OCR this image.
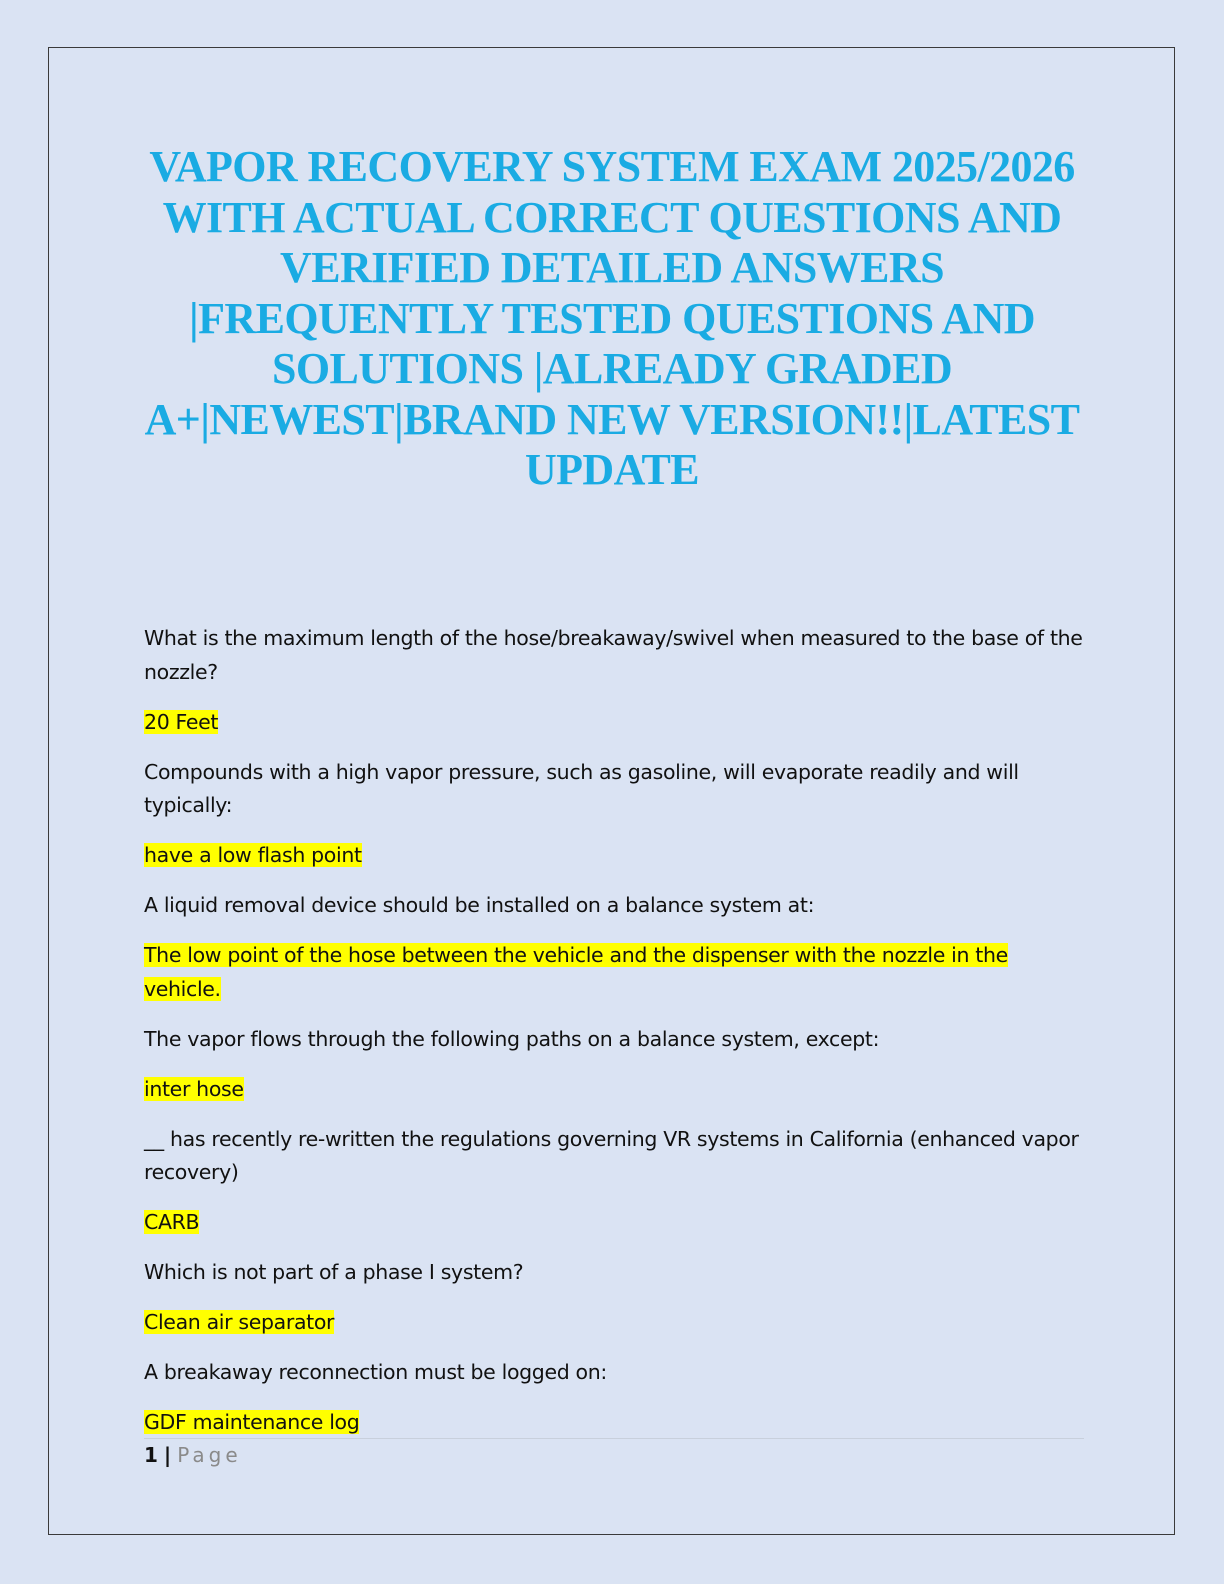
VAPOR RECOVERY SYSTEM EXAM 2025/2026 WITH ACTUAL CORRECT QUESTIONS AND VERIFIED DETAILED ANSWERS |FREQUENTLY TESTED QUESTIONS AND SOLUTIONS |ALREADY GRADED A+|NEWEST|BRAND NEW VERSION!!|LATEST UPDATE

What is the maximum length of the hose/breakaway/swivel when measured to the base of the nozzle?

20 Feet

Compounds with a high vapor pressure, such as gasoline, will evaporate readily and will typically:

have a low flash point

A liquid removal device should be installed on a balance system at:

The low point of the hose between the vehicle and the dispenser with the nozzle in the vehicle.

The vapor flows through the following paths on a balance system, except:

inter hose

__ has recently re-written the regulations governing VR systems in California (enhanced vapor recovery)

CARB

Which is not part of a phase I system?

Clean air separator

A breakaway reconnection must be logged on:

GDF maintenance log

1 | Page
